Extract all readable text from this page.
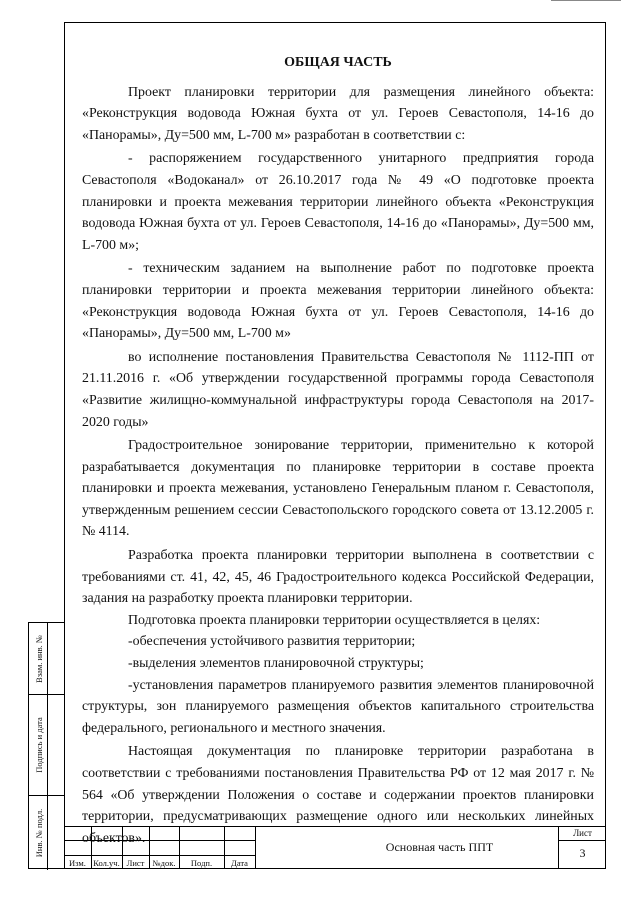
Взам. инв. №
Подпись и дата
Инв. № подл.
ОБЩАЯ ЧАСТЬ

Проект планировки территории для размещения линейного объекта: «Реконструкция водовода Южная бухта от ул. Героев Севастополя, 14-16 до «Панорамы», Ду=500 мм, L-700 м» разработан в соответствии с:

- распоряжением государственного унитарного предприятия города Севастополя «Водоканал» от 26.10.2017 года № 49 «О подготовке проекта планировки и проекта межевания территории линейного объекта «Реконструкция водовода Южная бухта от ул. Героев Севастополя, 14-16 до «Панорамы», Ду=500 мм, L-700 м»;

- техническим заданием на выполнение работ по подготовке проекта планировки территории и проекта межевания территории линейного объекта: «Реконструкция водовода Южная бухта от ул. Героев Севастополя, 14-16 до «Панорамы», Ду=500 мм, L-700 м»

во исполнение постановления Правительства Севастополя № 1112-ПП от 21.11.2016 г. «Об утверждении государственной программы города Севастополя «Развитие жилищно-коммунальной инфраструктуры города Севастополя на 2017-2020 годы»

Градостроительное зонирование территории, применительно к которой разрабатывается документация по планировке территории в составе проекта планировки и проекта межевания, установлено Генеральным планом г. Севастополя, утвержденным решением сессии Севастопольского городского совета от 13.12.2005 г. № 4114.

Разработка проекта планировки территории выполнена в соответствии с требованиями ст. 41, 42, 45, 46 Градостроительного кодекса Российской Федерации, задания на разработку проекта планировки территории.

Подготовка проекта планировки территории осуществляется в целях:

-обеспечения устойчивого развития территории;

-выделения элементов планировочной структуры;

-установления параметров планируемого развития элементов планировочной структуры, зон планируемого размещения объектов капитального строительства федерального, регионального и местного значения.

Настоящая документация по планировке территории разработана в соответствии с требованиями постановления Правительства РФ от 12 мая 2017 г. № 564 «Об утверждении Положения о составе и содержании проектов планировки территории, предусматривающих размещение одного или нескольких линейных объектов».

Изм. Кол.уч. Лист №док.	Подп.	Дата
Основная часть ППТ
Лист
3
